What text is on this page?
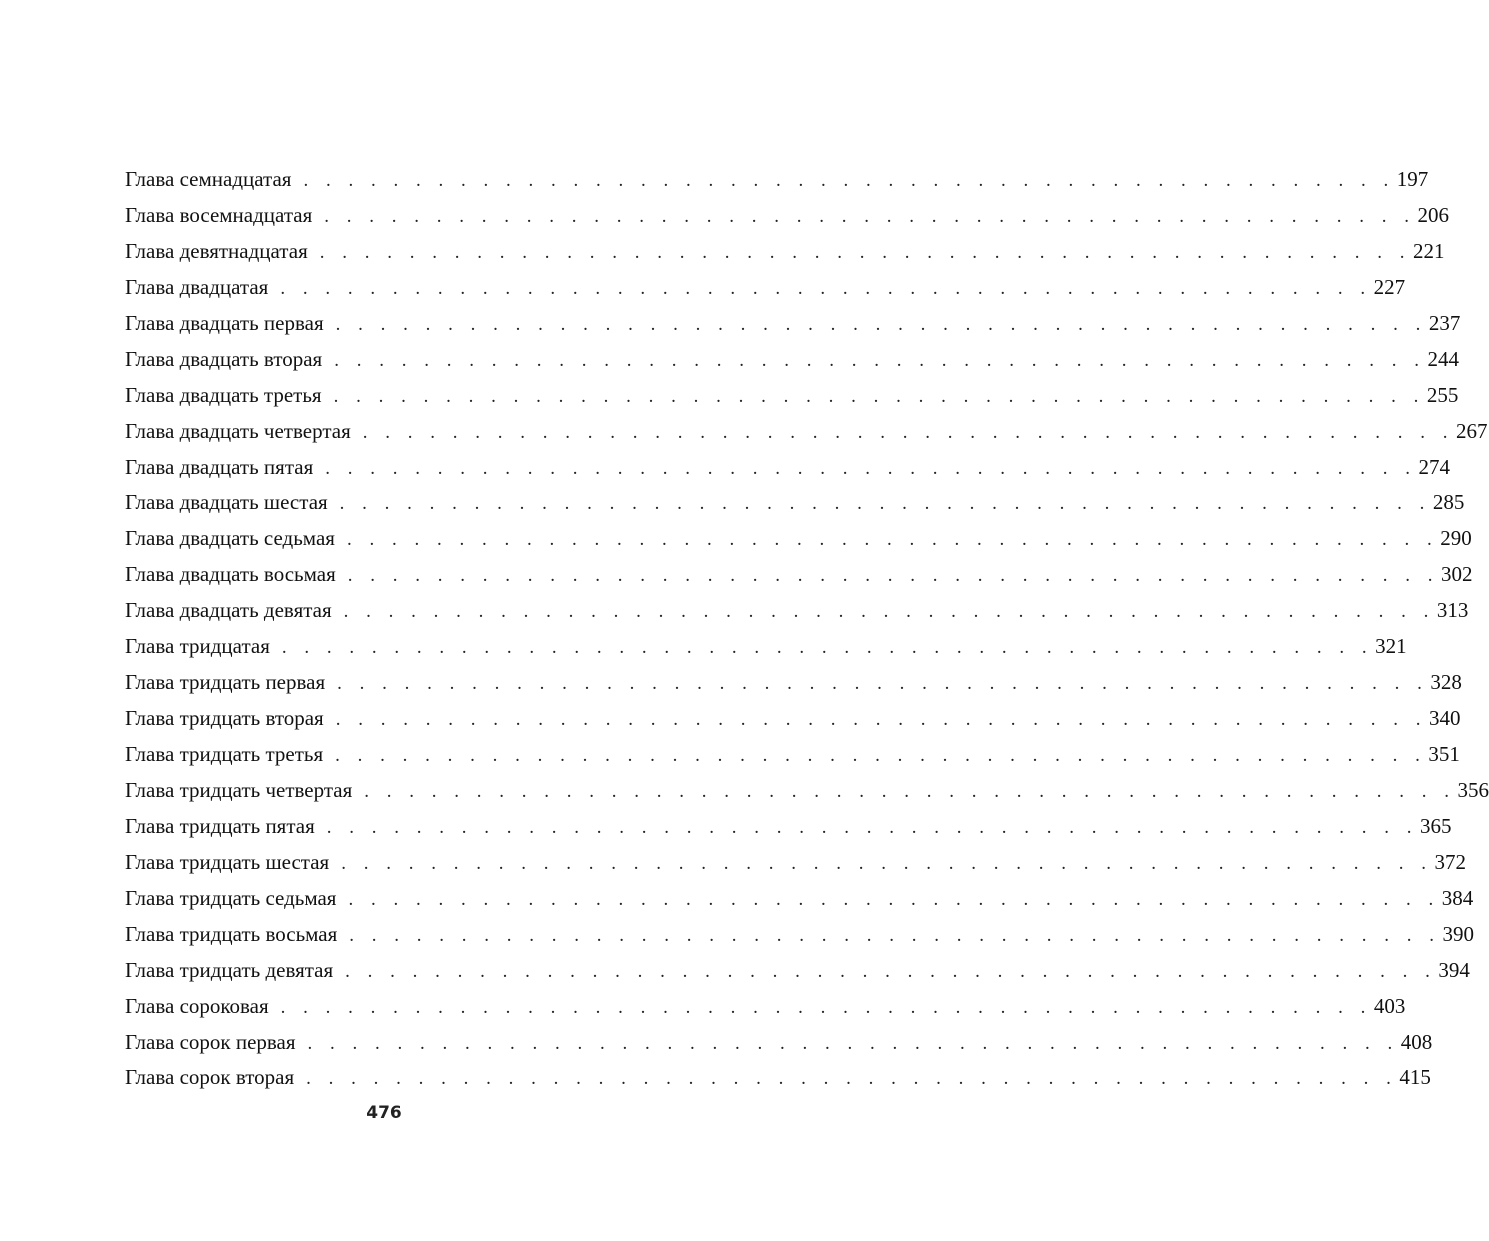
Глава семнадцатая . . . . . . . . . . . . . . . . . . . . . . . . . . . . . . . . . . . . . . . . . . . . . . . . . 197
Глава восемнадцатая . . . . . . . . . . . . . . . . . . . . . . . . . . . . . . . . . . . . . . . . . . . . . . . . . 206
Глава девятнадцатая . . . . . . . . . . . . . . . . . . . . . . . . . . . . . . . . . . . . . . . . . . . . . . . . . 221
Глава двадцатая . . . . . . . . . . . . . . . . . . . . . . . . . . . . . . . . . . . . . . . . . . . . . . . . . 227
Глава двадцать первая . . . . . . . . . . . . . . . . . . . . . . . . . . . . . . . . . . . . . . . . . . . . . . . . . 237
Глава двадцать вторая . . . . . . . . . . . . . . . . . . . . . . . . . . . . . . . . . . . . . . . . . . . . . . . . . 244
Глава двадцать третья . . . . . . . . . . . . . . . . . . . . . . . . . . . . . . . . . . . . . . . . . . . . . . . . . 255
Глава двадцать четвертая . . . . . . . . . . . . . . . . . . . . . . . . . . . . . . . . . . . . . . . . . . . . . . . . . 267
Глава двадцать пятая . . . . . . . . . . . . . . . . . . . . . . . . . . . . . . . . . . . . . . . . . . . . . . . . . 274
Глава двадцать шестая . . . . . . . . . . . . . . . . . . . . . . . . . . . . . . . . . . . . . . . . . . . . . . . . . 285
Глава двадцать седьмая . . . . . . . . . . . . . . . . . . . . . . . . . . . . . . . . . . . . . . . . . . . . . . . . . 290
Глава двадцать восьмая . . . . . . . . . . . . . . . . . . . . . . . . . . . . . . . . . . . . . . . . . . . . . . . . . 302
Глава двадцать девятая . . . . . . . . . . . . . . . . . . . . . . . . . . . . . . . . . . . . . . . . . . . . . . . . . 313
Глава тридцатая . . . . . . . . . . . . . . . . . . . . . . . . . . . . . . . . . . . . . . . . . . . . . . . . . 321
Глава тридцать первая . . . . . . . . . . . . . . . . . . . . . . . . . . . . . . . . . . . . . . . . . . . . . . . . . 328
Глава тридцать вторая . . . . . . . . . . . . . . . . . . . . . . . . . . . . . . . . . . . . . . . . . . . . . . . . . 340
Глава тридцать третья . . . . . . . . . . . . . . . . . . . . . . . . . . . . . . . . . . . . . . . . . . . . . . . . . 351
Глава тридцать четвертая . . . . . . . . . . . . . . . . . . . . . . . . . . . . . . . . . . . . . . . . . . . . . . . . . 356
Глава тридцать пятая . . . . . . . . . . . . . . . . . . . . . . . . . . . . . . . . . . . . . . . . . . . . . . . . . 365
Глава тридцать шестая . . . . . . . . . . . . . . . . . . . . . . . . . . . . . . . . . . . . . . . . . . . . . . . . . 372
Глава тридцать седьмая . . . . . . . . . . . . . . . . . . . . . . . . . . . . . . . . . . . . . . . . . . . . . . . . . 384
Глава тридцать восьмая . . . . . . . . . . . . . . . . . . . . . . . . . . . . . . . . . . . . . . . . . . . . . . . . . 390
Глава тридцать девятая . . . . . . . . . . . . . . . . . . . . . . . . . . . . . . . . . . . . . . . . . . . . . . . . . 394
Глава сороковая . . . . . . . . . . . . . . . . . . . . . . . . . . . . . . . . . . . . . . . . . . . . . . . . . 403
Глава сорок первая . . . . . . . . . . . . . . . . . . . . . . . . . . . . . . . . . . . . . . . . . . . . . . . . . 408
Глава сорок вторая . . . . . . . . . . . . . . . . . . . . . . . . . . . . . . . . . . . . . . . . . . . . . . . . . 415
476
